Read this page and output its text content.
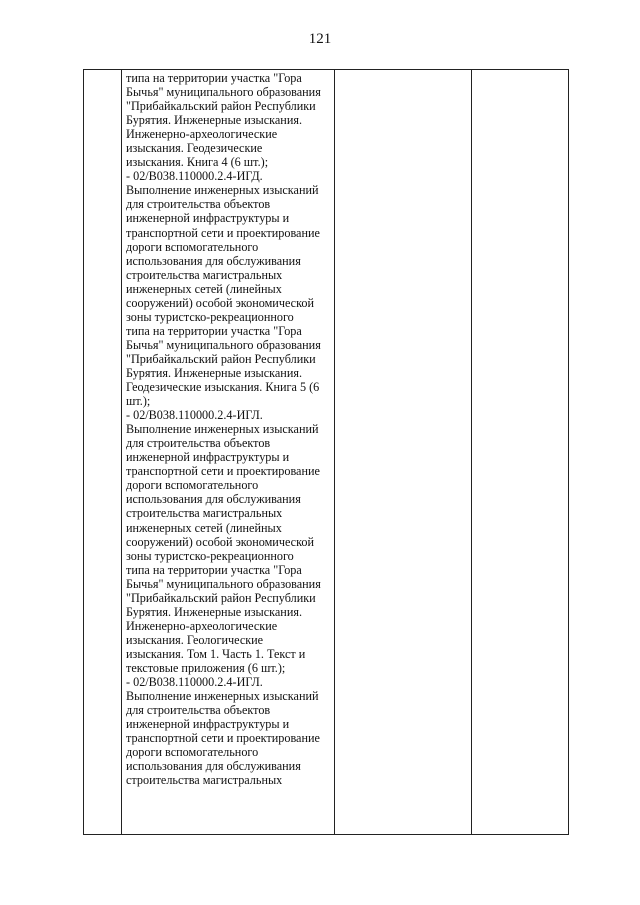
121

типа на территории участка "Гора
Бычья" муниципального образования
"Прибайкальский район Республики
Бурятия. Инженерные изыскания.
Инженерно-археологические
изыскания. Геодезические
изыскания. Книга 4 (6 шт.);
- 02/В038.110000.2.4-ИГД.
Выполнение инженерных изысканий
для строительства объектов
инженерной инфраструктуры и
транспортной сети и проектирование
дороги вспомогательного
использования для обслуживания
строительства магистральных
инженерных сетей (линейных
сооружений) особой экономической
зоны туристско-рекреационного
типа на территории участка "Гора
Бычья" муниципального образования
"Прибайкальский район Республики
Бурятия. Инженерные изыскания.
Геодезические изыскания. Книга 5 (6
шт.);
- 02/В038.110000.2.4-ИГЛ.
Выполнение инженерных изысканий
для строительства объектов
инженерной инфраструктуры и
транспортной сети и проектирование
дороги вспомогательного
использования для обслуживания
строительства магистральных
инженерных сетей (линейных
сооружений) особой экономической
зоны туристско-рекреационного
типа на территории участка "Гора
Бычья" муниципального образования
"Прибайкальский район Республики
Бурятия. Инженерные изыскания.
Инженерно-археологические
изыскания. Геологические
изыскания. Том 1. Часть 1. Текст и
текстовые приложения (6 шт.);
- 02/В038.110000.2.4-ИГЛ.
Выполнение инженерных изысканий
для строительства объектов
инженерной инфраструктуры и
транспортной сети и проектирование
дороги вспомогательного
использования для обслуживания
строительства магистральных
